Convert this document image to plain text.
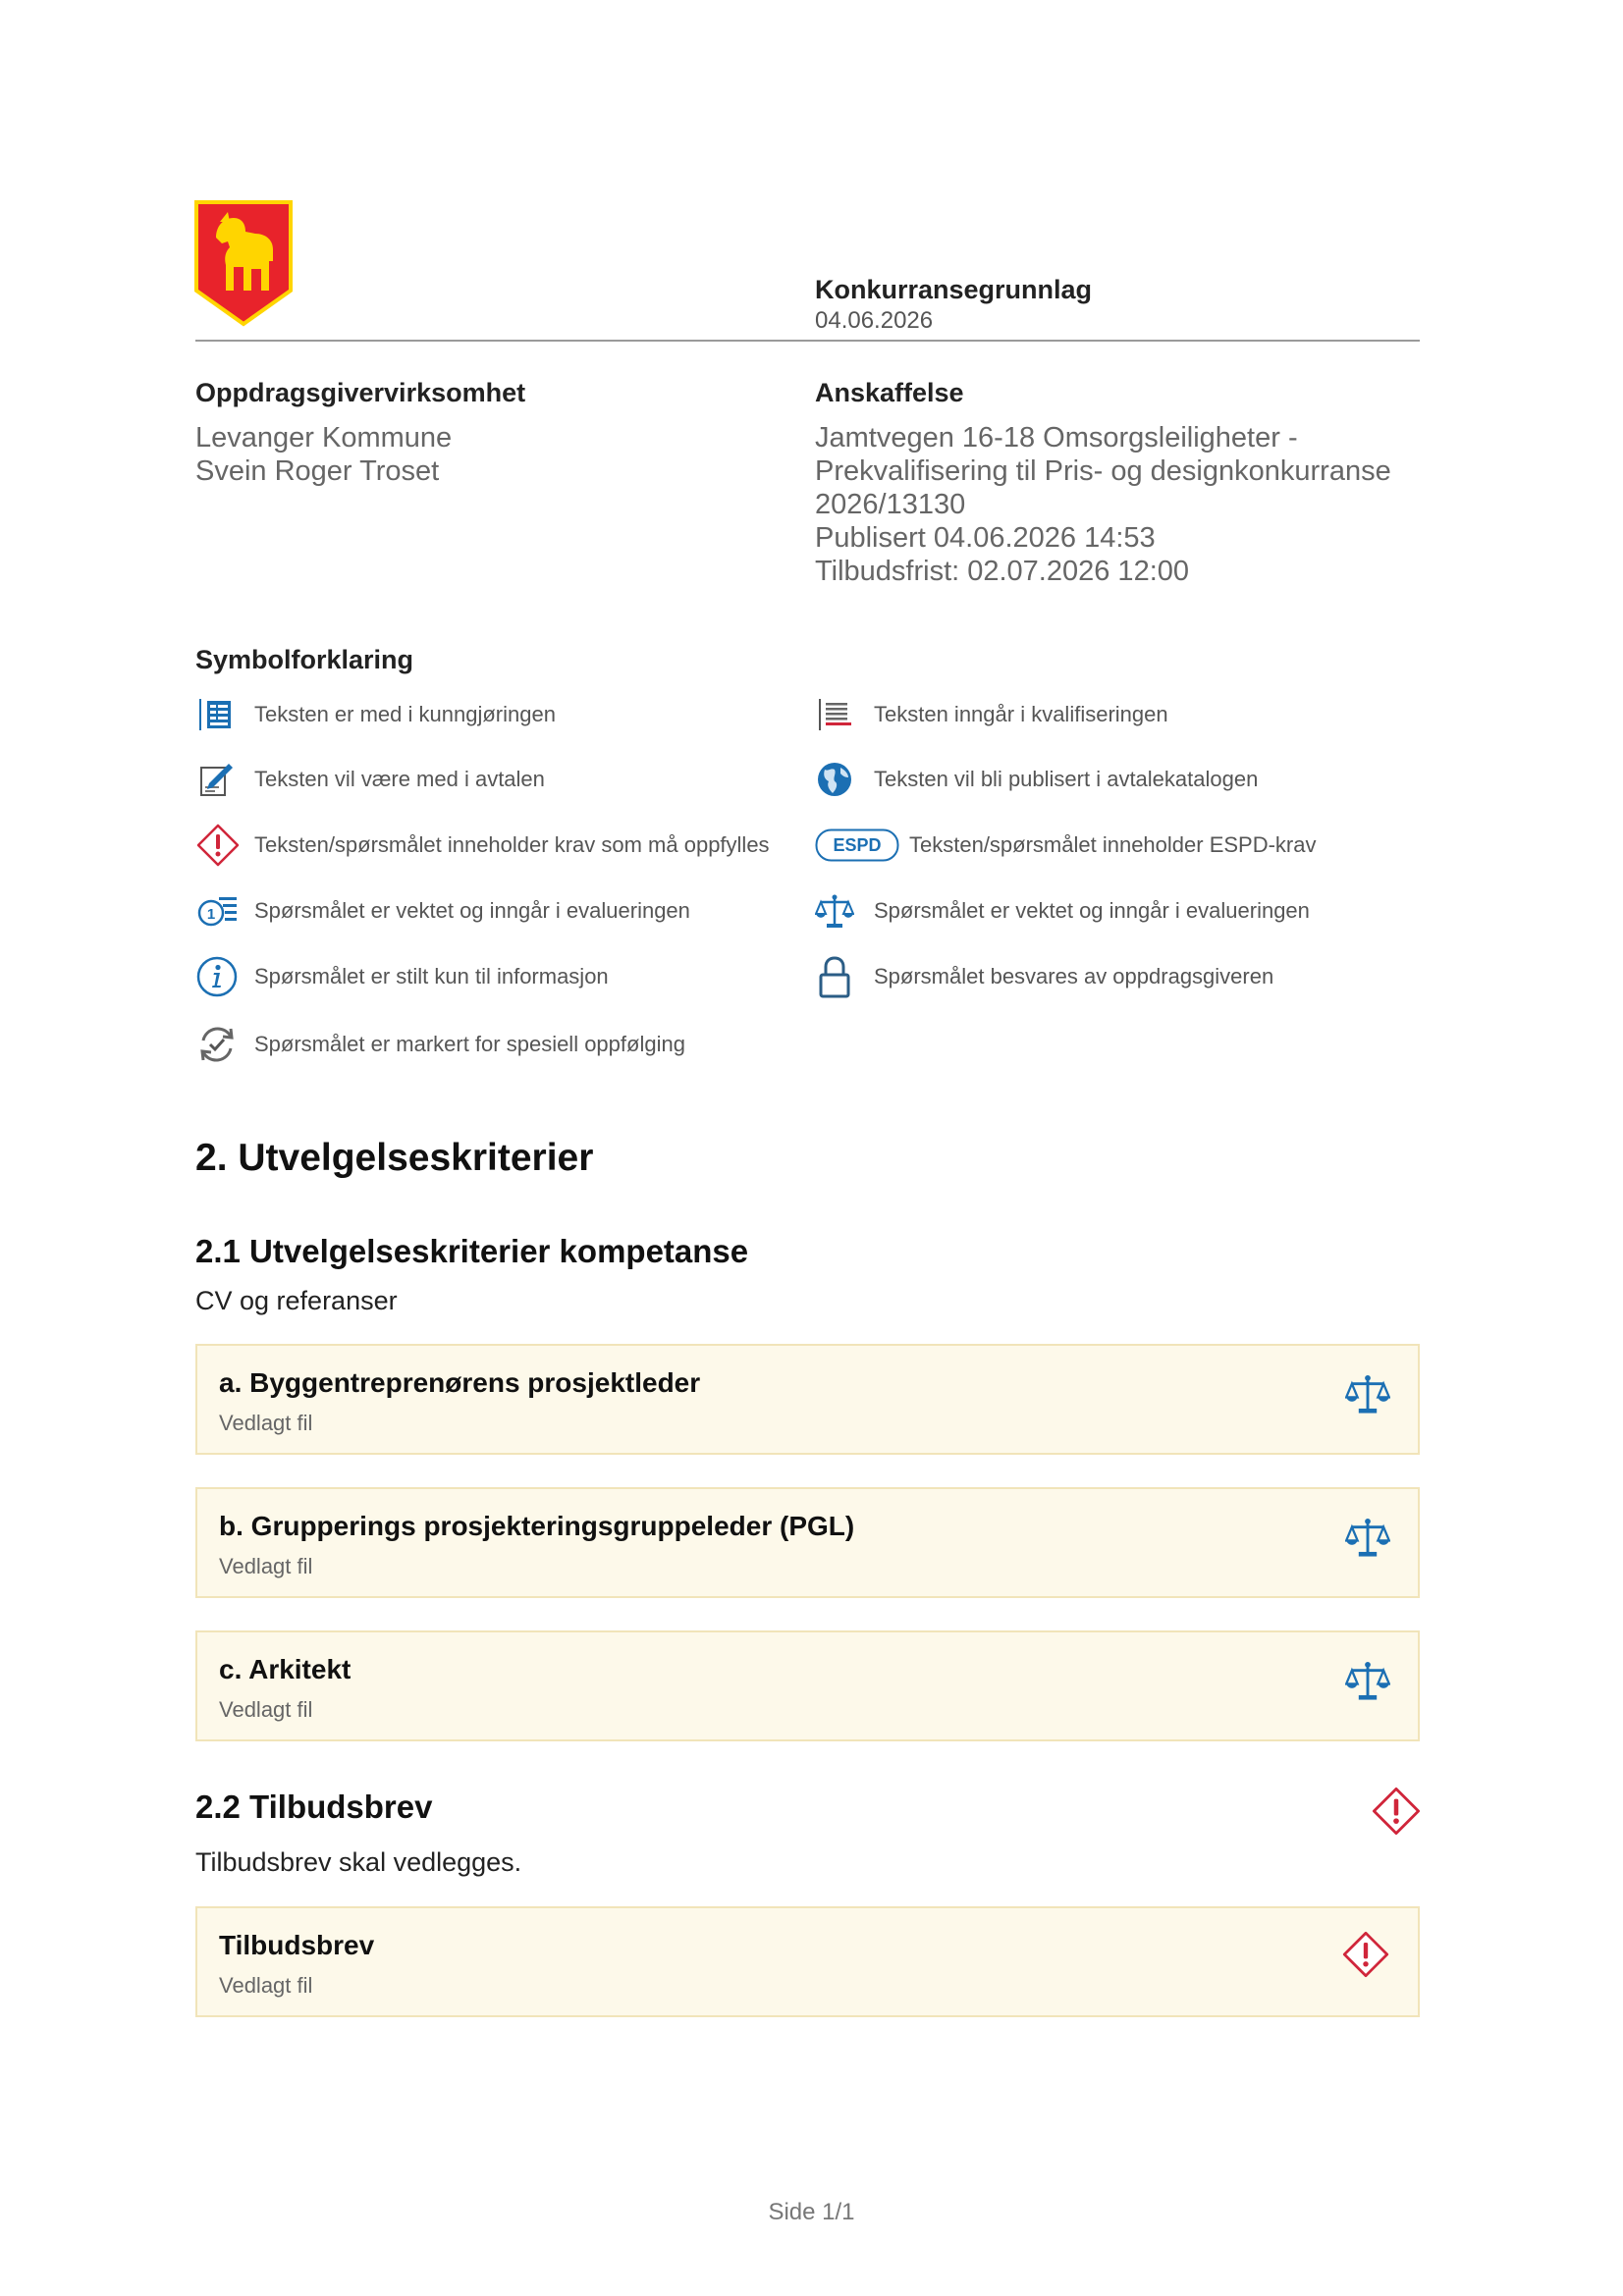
Konkurransegrunnlag
04.06.2026
Oppdragsgivervirksomhet
Levanger Kommune
Svein Roger Troset
Anskaffelse
Jamtvegen 16-18 Omsorgsleiligheter -
Prekvalifisering til Pris- og designkonkurranse
2026/13130
Publisert 04.06.2026 14:53
Tilbudsfrist: 02.07.2026 12:00
Symbolforklaring
Teksten er med i kunngjøringen	Teksten inngår i kvalifiseringen
Teksten vil være med i avtalen	Teksten vil bli publisert i avtalekatalogen
Teksten/spørsmålet inneholder krav som må oppfylles	ESPD Teksten/spørsmålet inneholder ESPD-krav
1 Spørsmålet er vektet og inngår i evalueringen	Spørsmålet er vektet og inngår i evalueringen
Spørsmålet er stilt kun til informasjon	Spørsmålet besvares av oppdragsgiveren
Spørsmålet er markert for spesiell oppfølging
2. Utvelgelseskriterier
2.1 Utvelgelseskriterier kompetanse
CV og referanser
a. Byggentreprenørens prosjektleder
Vedlagt fil
b. Grupperings prosjekteringsgruppeleder (PGL)
Vedlagt fil
c. Arkitekt
Vedlagt fil
2.2 Tilbudsbrev
Tilbudsbrev skal vedlegges.
Tilbudsbrev
Vedlagt fil
Side 1/1
